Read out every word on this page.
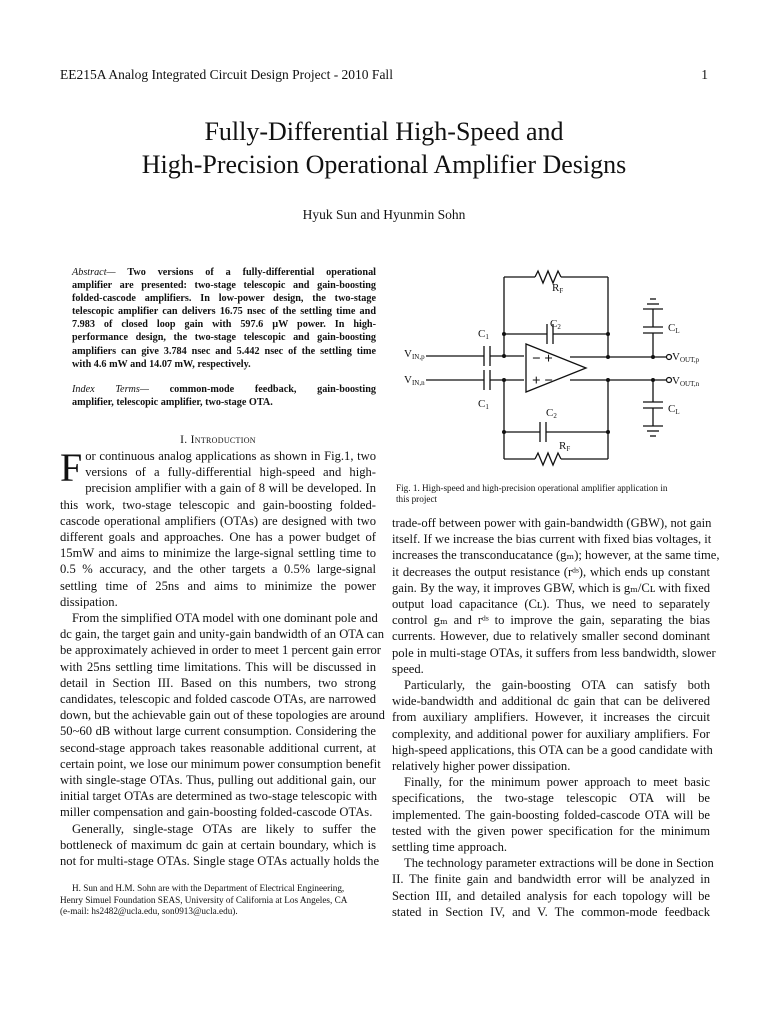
EE215A Analog Integrated Circuit Design Project - 2010 Fall	1
Fully-Differential High-Speed and
High-Precision Operational Amplifier Designs
Hyuk Sun and Hyunmin Sohn
Abstract— Two versions of a fully-differential operational
amplifier are presented: two-stage telescopic and gain-boosting
folded-cascode amplifiers. In low-power design, the two-stage
telescopic amplifier can delivers 16.75 nsec of the settling time and
7.983 of closed loop gain with 597.6 µW power. In high-
performance design, the two-stage telescopic and gain-boosting
amplifiers can give 3.784 nsec and 5.442 nsec of the settling time
with 4.6 mW and 14.07 mW, respectively.
Index Terms— common-mode feedback, gain-boosting
amplifier, telescopic amplifier, two-stage OTA.
I. Introduction
F or continuous analog applications as shown in Fig.1, two
versions of a fully-differential high-speed and high-
precision amplifier with a gain of 8 will be developed. In
this work, two-stage telescopic and gain-boosting folded-
cascode operational amplifiers (OTAs) are designed with two
different goals and approaches. One has a power budget of
15mW and aims to minimize the large-signal settling time to
0.5 % accuracy, and the other targets a 0.5% large-signal
settling time of 25ns and aims to minimize the power
dissipation.
From the simplified OTA model with one dominant pole and
dc gain, the target gain and unity-gain bandwidth of an OTA can
be approximately achieved in order to meet 1 percent gain error
with 25ns settling time limitations. This will be discussed in
detail in Section III. Based on this numbers, two strong
candidates, telescopic and folded cascode OTAs, are narrowed
down, but the achievable gain out of these topologies are around
50~60 dB without large current consumption. Considering the
second-stage approach takes reasonable additional current, at
certain point, we lose our minimum power consumption benefit
with single-stage OTAs. Thus, pulling out additional gain, our
initial target OTAs are determined as two-stage telescopic with
miller compensation and gain-boosting folded-cascode OTAs.
Generally, single-stage OTAs are likely to suffer the
bottleneck of maximum dc gain at certain boundary, which is
not for multi-stage OTAs. Single stage OTAs actually holds the
H. Sun and H.M. Sohn are with the Department of Electrical Engineering,
Henry Simuel Foundation SEAS, University of California at Los Angeles, CA
(e-mail: hs2482@ucla.edu, son0913@ucla.edu).
− +
+ −
RF
C1
C2	CL
VIN,p
VIN,n
VOUT,p
VOUT,n
C1	C2
CL
RF
Fig. 1. High-speed and high-precision operational amplifier application in
this project
trade-off between power with gain-bandwidth (GBW), not gain
itself. If we increase the bias current with fixed bias voltages, it
increases the transconducatance (gₘ); however, at the same time,
it decreases the output resistance (rᵈˢ), which ends up constant
gain. By the way, it improves GBW, which is gₘ/Cʟ with fixed
output load capacitance (Cʟ). Thus, we need to separately
control gₘ and rᵈˢ to improve the gain, separating the bias
currents. However, due to relatively smaller second dominant
pole in multi-stage OTAs, it suffers from less bandwidth, slower
speed.
Particularly, the gain-boosting OTA can satisfy both
wide-bandwidth and additional dc gain that can be delivered
from auxiliary amplifiers. However, it increases the circuit
complexity, and additional power for auxiliary amplifiers. For
high-speed applications, this OTA can be a good candidate with
relatively higher power dissipation.
Finally, for the minimum power approach to meet basic
specifications, the two-stage telescopic OTA will be
implemented. The gain-boosting folded-cascode OTA will be
tested with the given power specification for the minimum
settling time approach.
The technology parameter extractions will be done in Section
II. The finite gain and bandwidth error will be analyzed in
Section III, and detailed analysis for each topology will be
stated in Section IV, and V. The common-mode feedback
